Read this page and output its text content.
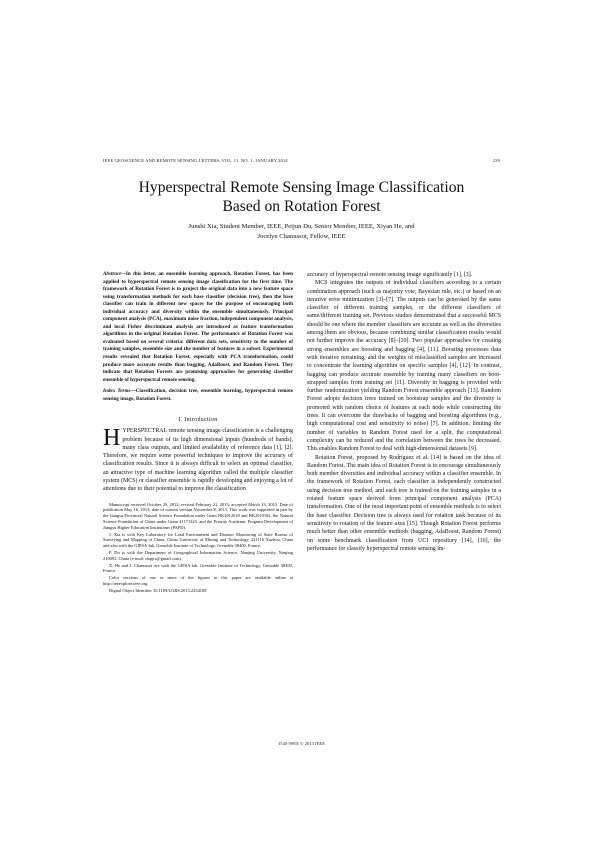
IEEE GEOSCIENCE AND REMOTE SENSING LETTERS, VOL. 11, NO. 1, JANUARY 2014	239
Hyperspectral Remote Sensing Image Classification
Based on Rotation Forest
Junshi Xia, Student Member, IEEE, Peijun Du, Senior Member, IEEE, Xiyan He, and
Jocelyn Chanussot, Fellow, IEEE

Abstract—In this letter, an ensemble learning approach, Rotation Forest, has been applied to hyperspectral remote sensing image classification for the first time. The framework of Rotation Forest is to project the original data into a new feature space using transformation methods for each base classifier (decision tree), then the base classifier can train in different new spaces for the purpose of encouraging both individual accuracy and diversity within the ensemble simultaneously. Principal component analysis (PCA), maximum noise fraction, independent component analysis, and local Fisher discriminant analysis are introduced as feature transformation algorithms in the original Rotation Forest. The performance of Rotation Forest was evaluated based on several criteria: different data sets, sensitivity to the number of training samples, ensemble size and the number of features in a subset. Experimental results revealed that Rotation Forest, especially with PCA transformation, could produce more accurate results than bagging, AdaBoost, and Random Forest. They indicate that Rotation Forests are promising approaches for generating classifier ensemble of hyperspectral remote sensing.

Index Terms—Classification, decision tree, ensemble learning, hyperspectral remote sensing image, Rotation Forest.

I. Introduction

HYPERSPECTRAL remote sensing image classification is a challenging problem because of its high dimensional inputs (hundreds of bands), many class outputs, and limited availability of reference data [1], [2]. Therefore, we require some powerful techniques to improve the accuracy of classification results. Since it is always difficult to select an optimal classifier, an attractive type of machine learning algorithm called the multiple classifier system (MCS) or classifier ensemble is rapidly developing and enjoying a lot of attentions due to their potential to improve the classification

Manuscript received October 29, 2012; revised February 21, 2013; accepted March 13, 2013. Date of publication May 16, 2013; date of current version November 8, 2013. This work was supported in part by the Jiangsu Provincial Natural Science Foundation under Grant BK2012018 and BK2010182, the Natural Science Foundation of China under Grant 41171323, and the Priority Academic Program Development of Jiangsu Higher Education Institutions (PAPD).

J. Xia is with Key Laboratory for Land Environment and Disaster Monitoring of State Bureau of Surveying and Mapping of China, China University of Mining and Technology, 221116 Xuzhou, China and also with the GIPSA-lab, Grenoble Institute of Technology, Grenoble 38400, France.

P. Du is with the Department of Geographical Information Science, Nanjing University, Nanjing 210093, China (e-mail: dupjrs@gmail.com).

X. He and J. Chanussot are with the GIPSA-lab, Grenoble Institute of Technology, Grenoble 38400, France.

Color versions of one or more of the figures in this paper are available online at http://ieeexplore.ieee.org.

Digital Object Identifier 10.1109/LGRS.2013.2254108

accuracy of hyperspectral remote sensing image significantly [1], [3].

MCS integrates the outputs of individual classifiers according to a certain combination approach (such as majority vote, Bayesian rule, etc.) or based on an iterative error minimization [3]–[7]. The outputs can be generated by the same classifier of different training samples, or the different classifiers of same/different training set. Previous studies demonstrated that a successful MCS should be one where the member classifiers are accurate as well as the diversities among them are obvious, because combining similar classification results would not further improve the accuracy [8]–[10]. Two popular approaches for creating strong ensembles are boosting and bagging [4], [11]. Boosting processes data with iterative retraining, and the weights of misclassified samples are increased to concentrate the learning algorithm on specific samples [4], [12]. In contrast, bagging can produce accurate ensemble by training many classifiers on boot-strapped samples from training set [11]. Diversity in bagging is provided with further randomization yielding Random Forest ensemble approach [13]. Random Forest adopts decision trees trained on bootstrap samples and the diversity is promoted with random choice of features at each node while constructing the trees. It can overcome the drawbacks of bagging and boosting algorithms (e.g., high computational cost and sensitivity to noise) [7]. In addition, limiting the number of variables in Random Forest used for a split, the computational complexity can be reduced and the correlation between the trees be decreased. This enables Random Forest to deal with high-dimensional datasets [9].

Rotation Forest, proposed by Rodríguez et al. [14] is based on the idea of Random Forest. The main idea of Rotation Forest is to encourage simultaneously both member diversities and individual accuracy within a classifier ensemble. In the framework of Rotation Forest, each classifier is independently constructed using decision tree method, and each tree is trained on the training samples in a rotated feature space derived from principal component analysis (PCA) transformation. One of the most important point of ensemble methods is to select the base classifier. Decision tree is always used for rotation task because of its sensitivity to rotation of the feature axes [15]. Though Rotation Forest performs much better than other ensemble methods (bagging, AdaBoost, Random Forest) on some benchmark classification from UCI repository [14], [16], the performance for classify hyperspectral remote sensing im-

1545-598X © 2013 IEEE
